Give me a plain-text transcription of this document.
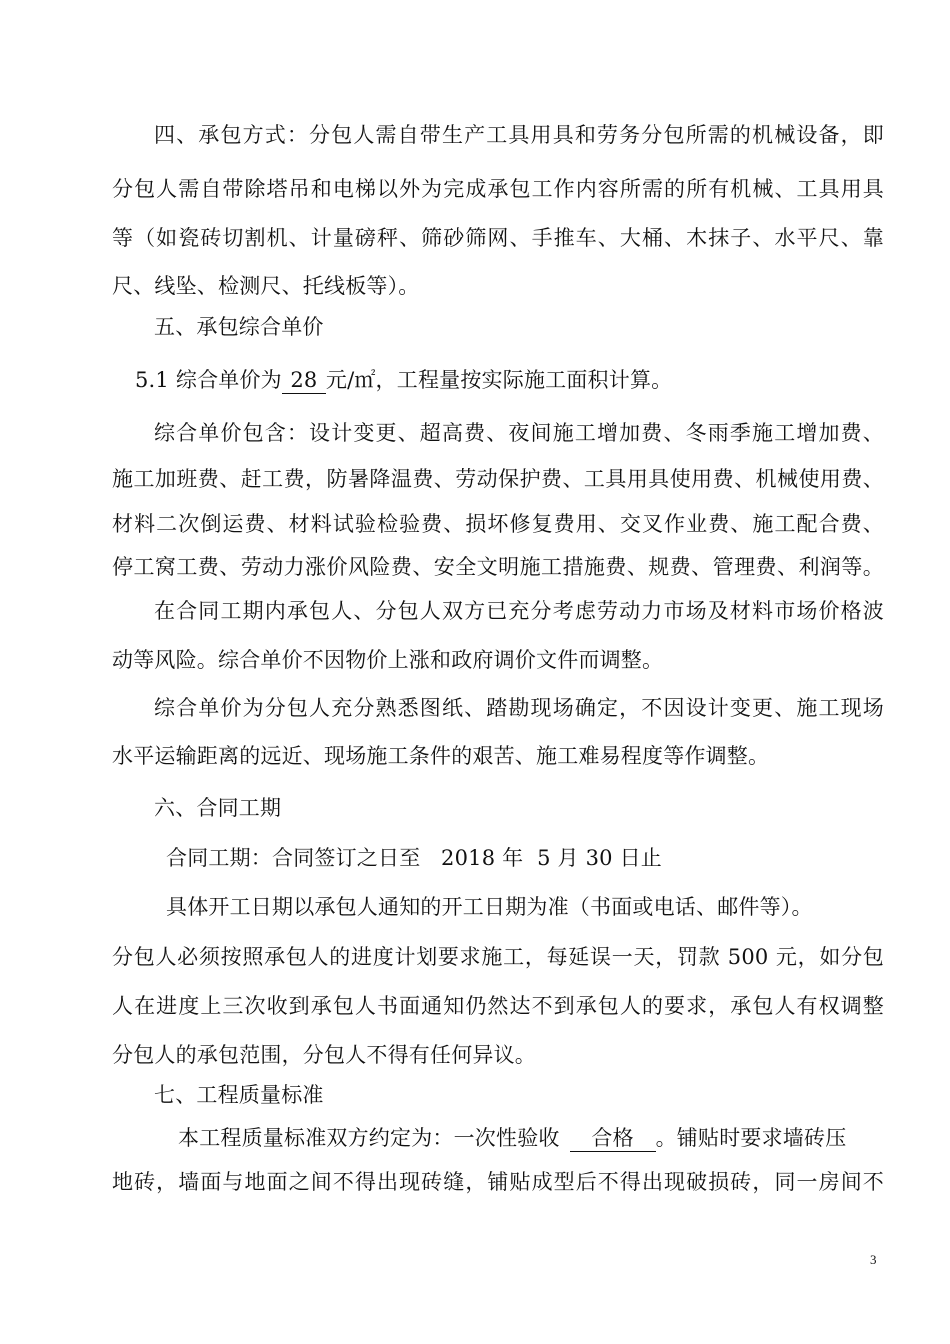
四、承包方式：分包人需自带生产工具用具和劳务分包所需的机械设备，即
分包人需自带除塔吊和电梯以外为完成承包工作内容所需的所有机械、工具用具
等（如瓷砖切割机、计量磅秤、筛砂筛网、手推车、大桶、木抹子、水平尺、靠
尺、线坠、检测尺、托线板等）。
五、承包综合单价
5.1 综合单价为 28 元/㎡，工程量按实际施工面积计算。
综合单价包含：设计变更、超高费、夜间施工增加费、冬雨季施工增加费、
施工加班费、赶工费，防暑降温费、劳动保护费、工具用具使用费、机械使用费、
材料二次倒运费、材料试验检验费、损坏修复费用、交叉作业费、施工配合费、
停工窝工费、劳动力涨价风险费、安全文明施工措施费、规费、管理费、利润等。
在合同工期内承包人、分包人双方已充分考虑劳动力市场及材料市场价格波
动等风险。综合单价不因物价上涨和政府调价文件而调整。
综合单价为分包人充分熟悉图纸、踏勘现场确定，不因设计变更、施工现场
水平运输距离的远近、现场施工条件的艰苦、施工难易程度等作调整。
六、合同工期
合同工期：合同签订之日至   2018 年  5 月 30 日止
具体开工日期以承包人通知的开工日期为准（书面或电话、邮件等）。
分包人必须按照承包人的进度计划要求施工，每延误一天，罚款 500 元，如分包
人在进度上三次收到承包人书面通知仍然达不到承包人的要求，承包人有权调整
分包人的承包范围，分包人不得有任何异议。
七、工程质量标准
本工程质量标准双方约定为：一次性验收 合格 。铺贴时要求墙砖压
地砖，墙面与地面之间不得出现砖缝，铺贴成型后不得出现破损砖，同一房间不
3
